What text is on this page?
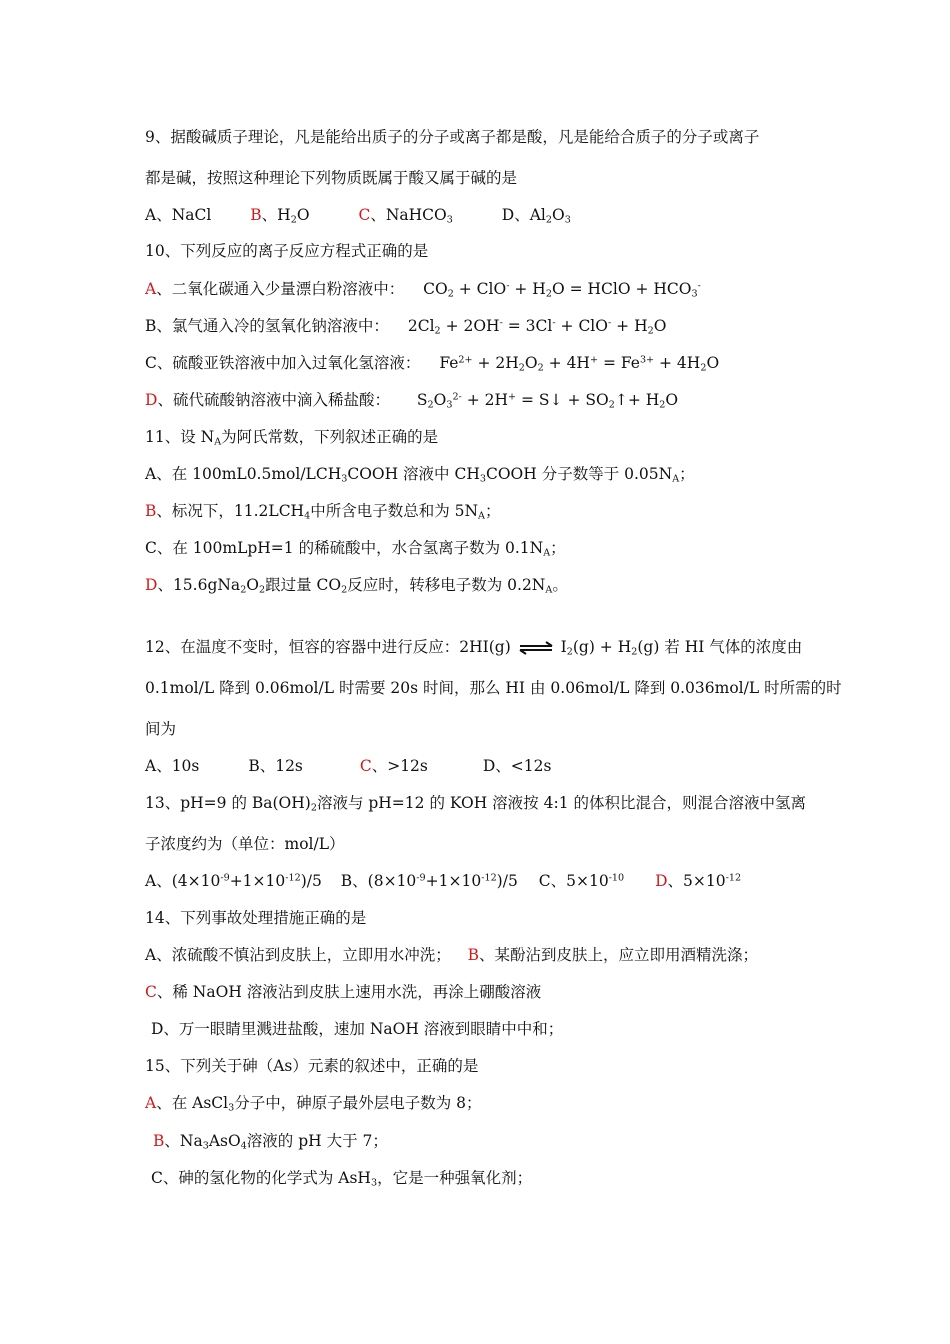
9、据酸碱质子理论，凡是能给出质子的分子或离子都是酸，凡是能给合质子的分子或离子
都是碱，按照这种理论下列物质既属于酸又属于碱的是
A、NaCl	B、$H_2O$	C、NaHCO$_3$	D、$Al_2O_3$
10、下列反应的离子反应方程式正确的是
A、二氧化碳通入少量漂白粉溶液中： $CO_2 + ClO^- + H_2O$ = HClO + $HCO_3^-$
B、氯气通入冷的氢氧化钠溶液中： $2Cl_2 + 2OH^- = 3Cl^- + ClO^- + H_2O$
C、硫酸亚铁溶液中加入过氧化氢溶液： $Fe^{2+} + 2H_2O_2 + 4H^+ = Fe^{3+} + 4H_2O$
D、硫代硫酸钠溶液中滴入稀盐酸： $S_2O_3^{2-} + 2H^+$ = S↓ + $SO_2↑+ H_2O$
11、设 $N_A$为阿氏常数，下列叙述正确的是
A、在 $100mL0.5mol/LCH_3COOH$ 溶液中 $CH_3COOH$ 分子数等于 $0.05N_A$；
B、标况下，$11.2LCH_4$中所含电子数总和为 $5N_A$；
C、在 100mLpH=1 的稀硫酸中，水合氢离子数为 $0.1N_A$；
D、$15.6gNa_2O_2$跟过量 $CO_2$反应时，转移电子数为 $0.2N_A$。
12、在温度不变时，恒容的容器中进行反应：2HI(g) ⇌ $I_2(g) + H_2(g)$ 若 HI 气体的浓度由
0.1mol/L 降到 0.06mol/L 时需要 20s 时间，那么 HI 由 0.06mol/L 降到 0.036mol/L 时所需的时
间为
A、10s	B、12s	C、>12s	D、<12s
13、pH=9 的 $Ba(OH)_2$溶液与 pH=12 的 KOH 溶液按 4:1 的体积比混合，则混合溶液中氢离
子浓度约为（单位：mol/L）
A、$(4\times 10^{-9}+1\times 10^{-12})/5$ B、$(8\times 10^{-9}+1\times 10^{-12})/5$ C、$5\times 10^{-10}$ D、$5\times 10^{-12}$
14、下列事故处理措施正确的是
A、浓硫酸不慎沾到皮肤上，立即用水冲洗； B、某酚沾到皮肤上，应立即用酒精洗涤；
C、稀 NaOH 溶液沾到皮肤上速用水洗，再涂上硼酸溶液
D、万一眼睛里溅进盐酸，速加 NaOH 溶液到眼睛中中和；
15、下列关于砷（As）元素的叙述中，正确的是
A、在 AsCl$_3$分子中，砷原子最外层电子数为 8；
B、$Na_3AsO_4$溶液的 pH 大于 7；
C、砷的氢化物的化学式为 AsH$_3$，它是一种强氧化剂；
